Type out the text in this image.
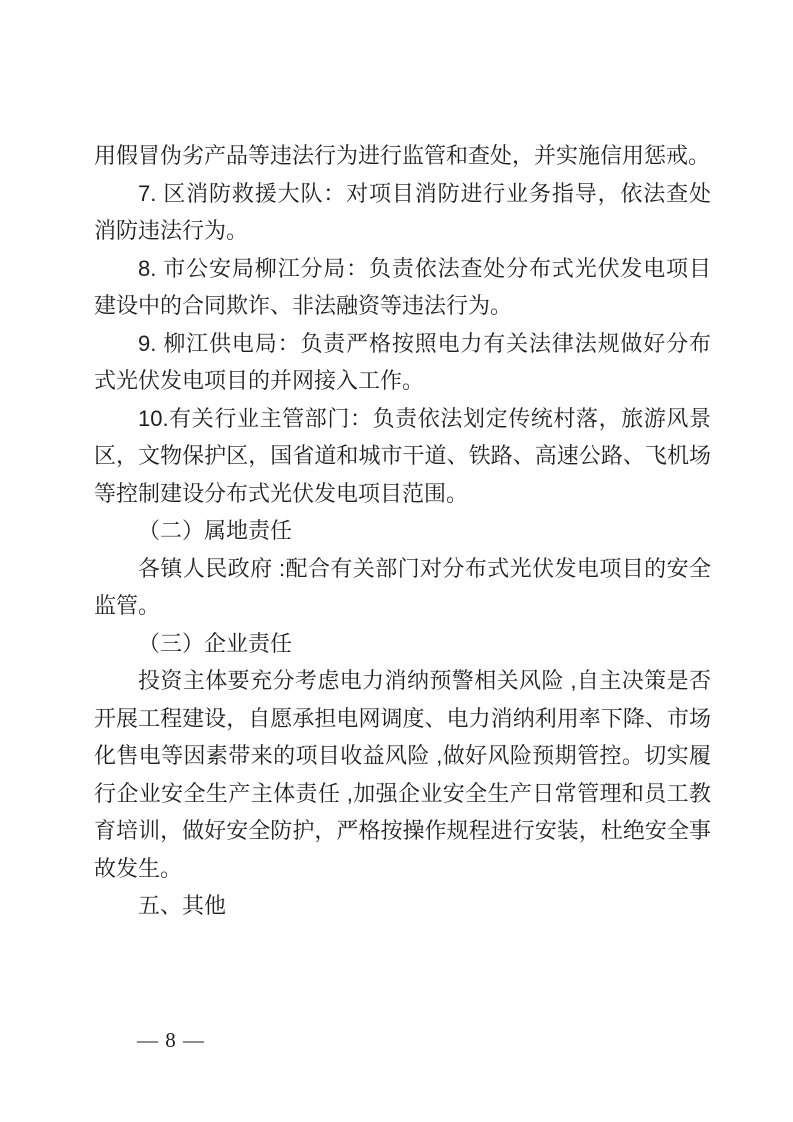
用假冒伪劣产品等违法行为进行监管和查处，并实施信用惩戒。

7. 区消防救援大队：对项目消防进行业务指导，依法查处消防违法行为。

8. 市公安局柳江分局：负责依法查处分布式光伏发电项目建设中的合同欺诈、非法融资等违法行为。

9. 柳江供电局：负责严格按照电力有关法律法规做好分布式光伏发电项目的并网接入工作。

10.有关行业主管部门：负责依法划定传统村落，旅游风景区，文物保护区，国省道和城市干道、铁路、高速公路、飞机场等控制建设分布式光伏发电项目范围。

（二）属地责任

各镇人民政府 :配合有关部门对分布式光伏发电项目的安全监管。

（三）企业责任

投资主体要充分考虑电力消纳预警相关风险 ,自主决策是否开展工程建设，自愿承担电网调度、电力消纳利用率下降、市场化售电等因素带来的项目收益风险 ,做好风险预期管控。切实履行企业安全生产主体责任 ,加强企业安全生产日常管理和员工教育培训，做好安全防护，严格按操作规程进行安装，杜绝安全事故发生。

五、其他

— 8 —
